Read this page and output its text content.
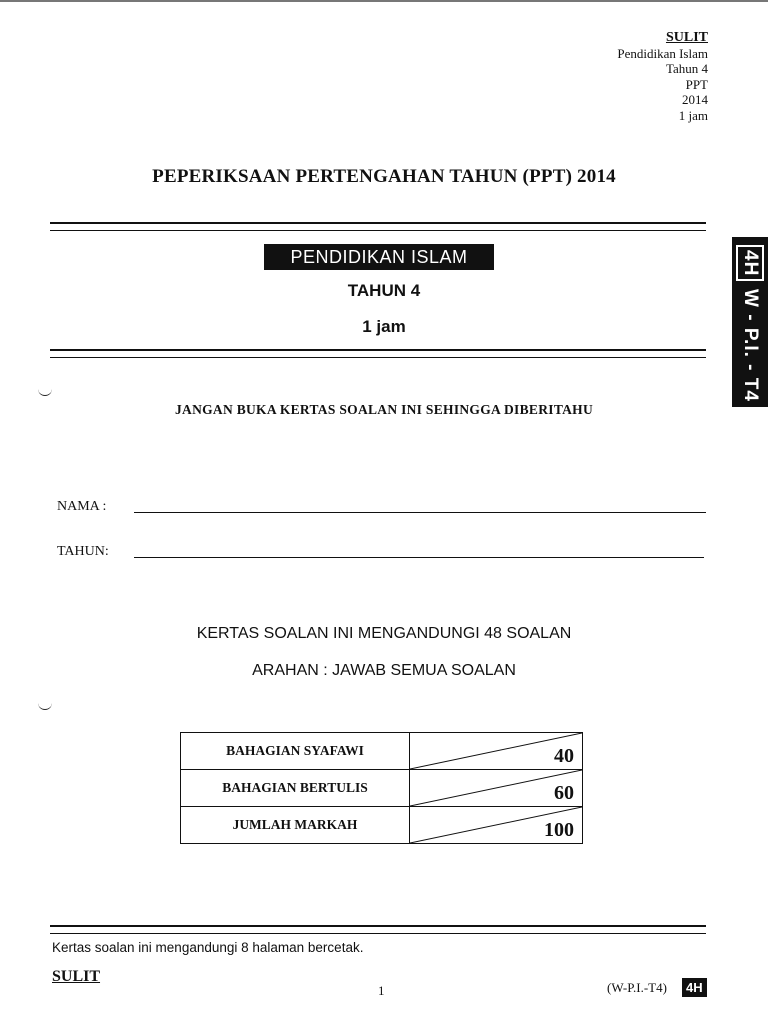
SULIT
Pendidikan Islam
Tahun 4
PPT
2014
1 jam
PEPERIKSAAN PERTENGAHAN TAHUN (PPT) 2014
PENDIDIKAN ISLAM
TAHUN 4
1 jam
4H
W - P.I. - T4
JANGAN BUKA KERTAS SOALAN INI SEHINGGA DIBERITAHU
NAMA :
TAHUN:
KERTAS SOALAN INI MENGANDUNGI 48 SOALAN
ARAHAN : JAWAB SEMUA SOALAN
BAHAGIAN SYAFAWI	40

BAHAGIAN BERTULIS	60

JUMLAH MARKAH	100
Kertas soalan ini mengandungi 8 halaman bercetak.
SULIT
1	(W-P.I.-T4)	4H
